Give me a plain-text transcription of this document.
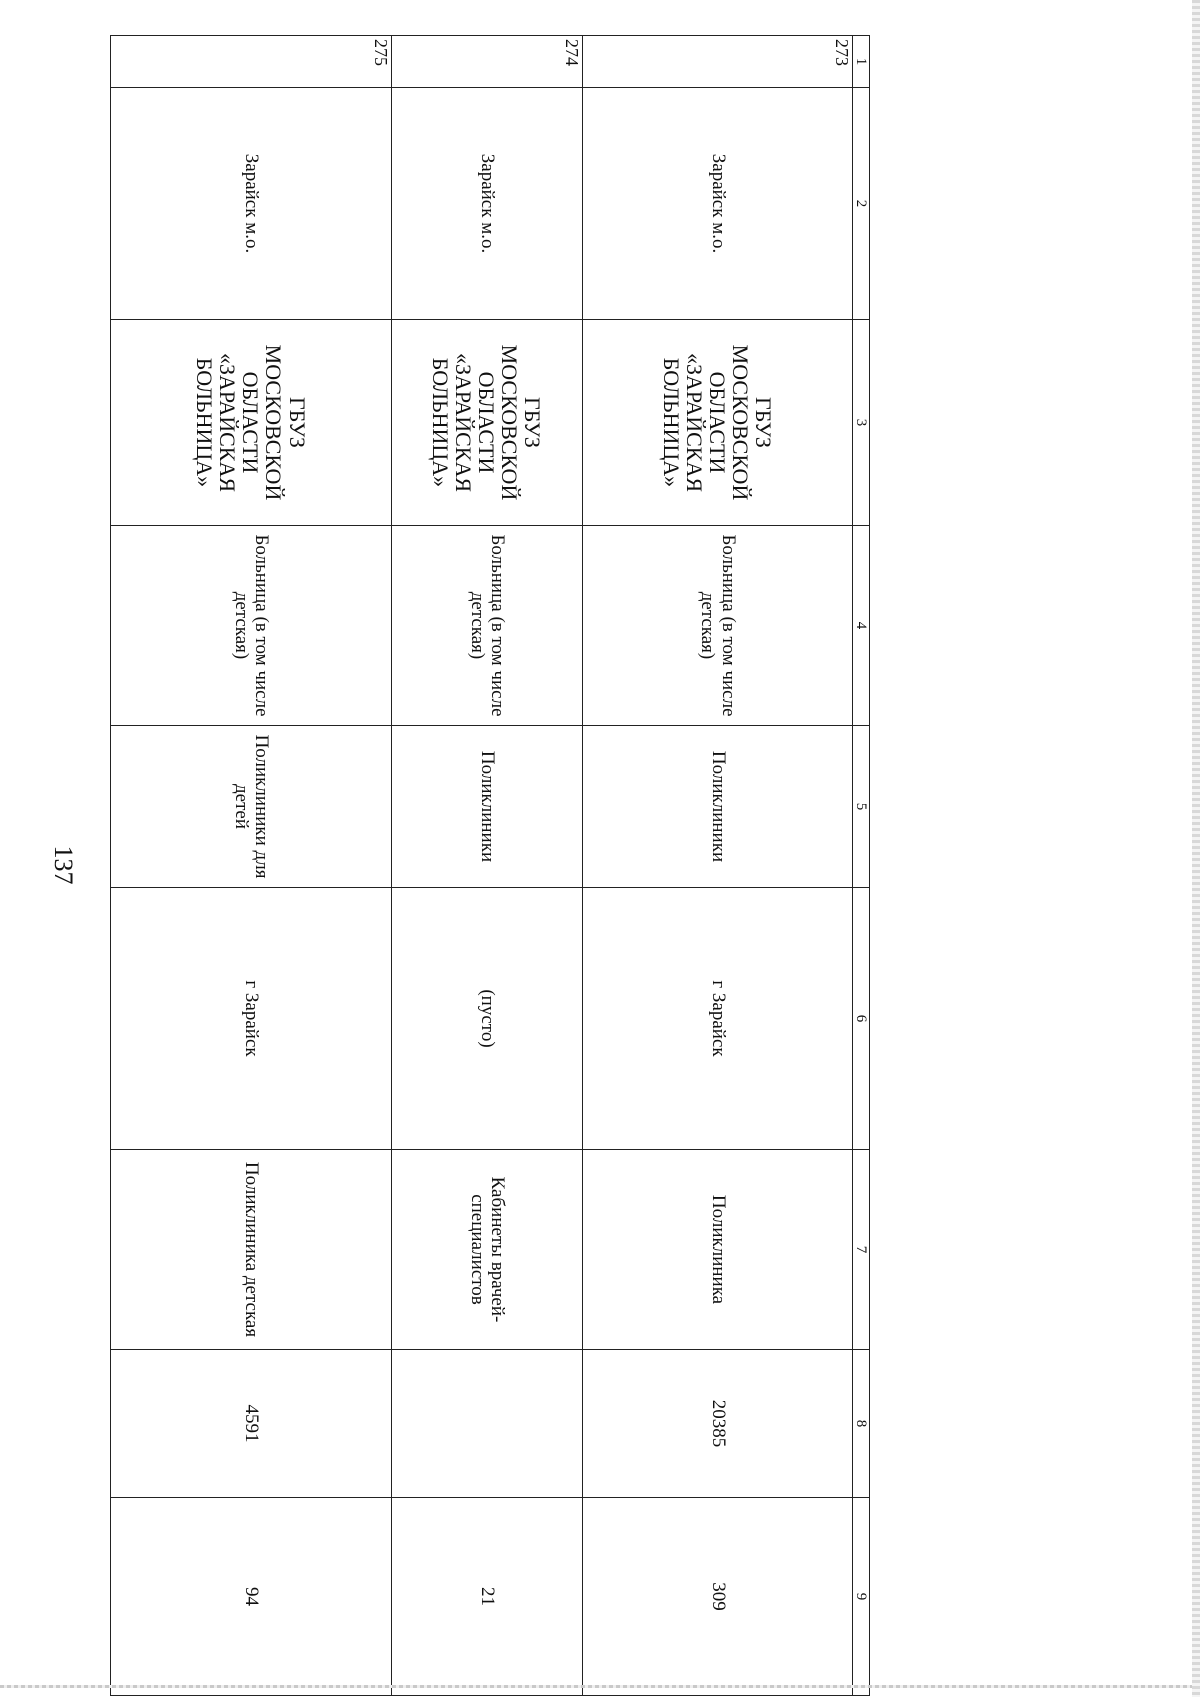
137
1	2	3	4	5	6	7	8	9
273	Зарайск м.о.	ГБУЗ МОСКОВСКОЙ ОБЛАСТИ «ЗАРАЙСКАЯ БОЛЬНИЦА»	Больница (в том числе детская)	Поликлиники	г Зарайск	Поликлиника	20385	309
274	Зарайск м.о.	ГБУЗ МОСКОВСКОЙ ОБЛАСТИ «ЗАРАЙСКАЯ БОЛЬНИЦА»	Больница (в том числе детская)	Поликлиники	(пусто)	Кабинеты врачей-специалистов		21
275	Зарайск м.о.	ГБУЗ МОСКОВСКОЙ ОБЛАСТИ «ЗАРАЙСКАЯ БОЛЬНИЦА»	Больница (в том числе детская)	Поликлиники для детей	г Зарайск	Поликлиника детская	4591	94
